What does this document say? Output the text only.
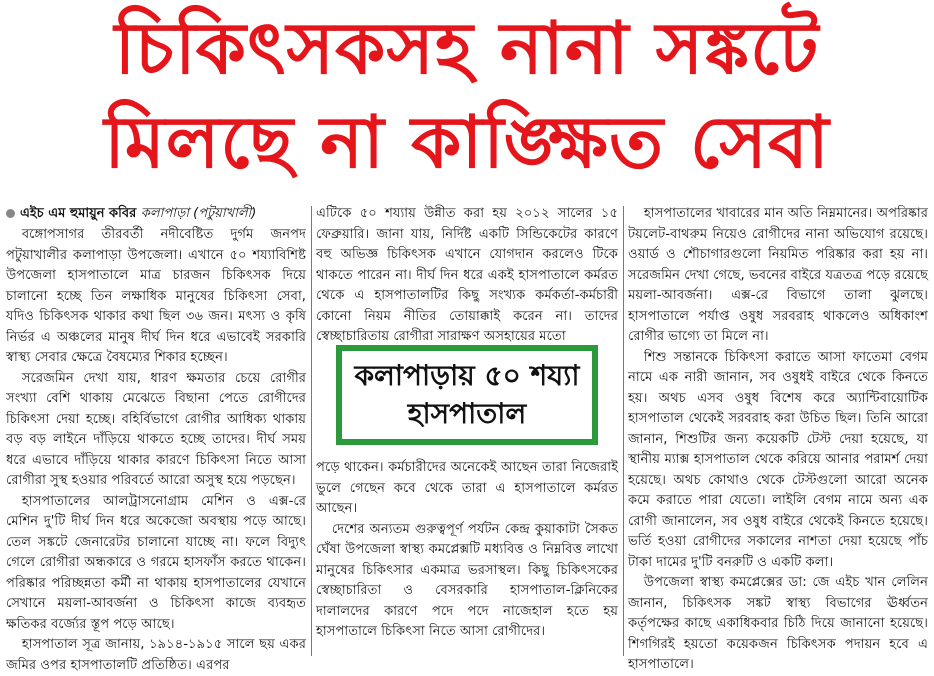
চিকিৎসকসহ নানা সঙ্কটে
মিলছে না কাঙ্ক্ষিত সেবা
এইচ এম হুমায়ুন কবির কলাপাড়া (পটুয়াখালী)

বঙ্গোপসাগর তীরবর্তী নদীবেষ্টিত দুর্গম জনপদ পটুয়াখালীর কলাপাড়া উপজেলা। এখানে ৫০ শয্যাবিশিষ্ট উপজেলা হাসপাতালে মাত্র চারজন চিকিৎসক দিয়ে চালানো হচ্ছে তিন লক্ষাধিক মানুষের চিকিৎসা সেবা, যদিও চিকিৎসক থাকার কথা ছিল ৩৬ জন। মৎস্য ও কৃষি নির্ভর এ অঞ্চলের মানুষ দীর্ঘ দিন ধরে এভাবেই সরকারি স্বাস্থ্য সেবার ক্ষেত্রে বৈষম্যের শিকার হচ্ছেন।

সরেজমিন দেখা যায়, ধারণ ক্ষমতার চেয়ে রোগীর সংখ্যা বেশি থাকায় মেঝেতে বিছানা পেতে রোগীদের চিকিৎসা দেয়া হচ্ছে। বহির্বিভাগে রোগীর আধিক্য থাকায় বড় বড় লাইনে দাঁড়িয়ে থাকতে হচ্ছে তাদের। দীর্ঘ সময় ধরে এভাবে দাঁড়িয়ে থাকার কারণে চিকিৎসা নিতে আসা রোগীরা সুস্থ হওয়ার পরিবর্তে আরো অসুস্থ হয়ে পড়ছেন।

হাসপাতালের আলট্রাসনোগ্রাম মেশিন ও এক্স-রে মেশিন দু'টি দীর্ঘ দিন ধরে অকেজো অবস্থায় পড়ে আছে। তেল সঙ্কটে জেনারেটর চালানো যাচ্ছে না। ফলে বিদ্যুৎ গেলে রোগীরা অন্ধকারে ও গরমে হাসফাঁস করতে থাকেন। পরিষ্কার পরিচ্ছন্নতা কর্মী না থাকায় হাসপাতালের যেখানে সেখানে ময়লা-আবর্জনা ও চিকিৎসা কাজে ব্যবহৃত ক্ষতিকর বর্জ্যের স্তূপ পড়ে আছে।

হাসপাতাল সূত্র জানায়, ১৯১৪-১৯১৫ সালে ছয় একর জমির ওপর হাসপাতালটি প্রতিষ্ঠিত। এরপর

এটিকে ৫০ শয্যায় উন্নীত করা হয় ২০১২ সালের ১৫ ফেব্রুয়ারি। জানা যায়, নির্দিষ্ট একটি সিন্ডিকেটের কারণে বহু অভিজ্ঞ চিকিৎসক এখানে যোগদান করলেও টিকে থাকতে পারেন না। দীর্ঘ দিন ধরে একই হাসপাতালে কর্মরত থেকে এ হাসপাতালটির কিছু সংখ্যক কর্মকর্তা-কর্মচারী কোনো নিয়ম নীতির তোয়াক্কাই করেন না। তাদের স্বেচ্ছাচারিতায় রোগীরা সারাক্ষণ অসহায়ের মতো

কলাপাড়ায় ৫০ শয্যা
হাসপাতাল

পড়ে থাকেন। কর্মচারীদের অনেকেই আছেন তারা নিজেরাই ভুলে গেছেন কবে থেকে তারা এ হাসপাতালে কর্মরত আছেন।

দেশের অন্যতম গুরুত্বপূর্ণ পর্যটন কেন্দ্র কুয়াকাটা সৈকত ঘেঁষা উপজেলা স্বাস্থ্য কমপ্লেক্সটি মধ্যবিত্ত ও নিম্নবিত্ত লাখো মানুষের চিকিৎসার একমাত্র ভরসাস্থল। কিছু চিকিৎসকের স্বেচ্ছাচারিতা ও বেসরকারি হাসপাতাল-ক্লিনিকের দালালদের কারণে পদে পদে নাজেহাল হতে হয় হাসপাতালে চিকিৎসা নিতে আসা রোগীদের।

হাসপাতালের খাবারের মান অতি নিম্নমানের। অপরিষ্কার টয়লেট-বাথরুম নিয়েও রোগীদের নানা অভিযোগ রয়েছে। ওয়ার্ড ও শৌচাগারগুলো নিয়মিত পরিষ্কার করা হয় না। সরেজমিন দেখা গেছে, ভবনের বাইরে যত্রতত্র পড়ে রয়েছে ময়লা-আবর্জনা। এক্স-রে বিভাগে তালা ঝুলছে। হাসপাতালে পর্যাপ্ত ওষুধ সরবরাহ থাকলেও অধিকাংশ রোগীর ভাগ্যে তা মিলে না।

শিশু সন্তানকে চিকিৎসা করাতে আসা ফাতেমা বেগম নামে এক নারী জানান, সব ওষুধই বাইরে থেকে কিনতে হয়। অথচ এসব ওষুধ বিশেষ করে অ্যান্টিবায়োটিক হাসপাতাল থেকেই সরবরাহ করা উচিত ছিল। তিনি আরো জানান, শিশুটির জন্য কয়েকটি টেস্ট দেয়া হয়েছে, যা স্থানীয় ম্যাক্স হাসপাতাল থেকে করিয়ে আনার পরামর্শ দেয়া হয়েছে। অথচ কোথাও থেকে টেস্টগুলো আরো অনেক কমে করাতে পারা যেতো। লাইলি বেগম নামে অন্য এক রোগী জানালেন, সব ওষুধ বাইরে থেকেই কিনতে হয়েছে। ভর্তি হওয়া রোগীদের সকালের নাশতা দেয়া হয়েছে পাঁচ টাকা দামের দু'টি বনরুটি ও একটি কলা।

উপজেলা স্বাস্থ্য কমপ্লেক্সের ডা: জে এইচ খান লেলিন জানান, চিকিৎসক সঙ্কট স্বাস্থ্য বিভাগের ঊর্ধ্বতন কর্তৃপক্ষের কাছে একাধিকবার চিঠি দিয়ে জানানো হয়েছে। শিগগিরই হয়তো কয়েকজন চিকিৎসক পদায়ন হবে এ হাসপাতালে।
